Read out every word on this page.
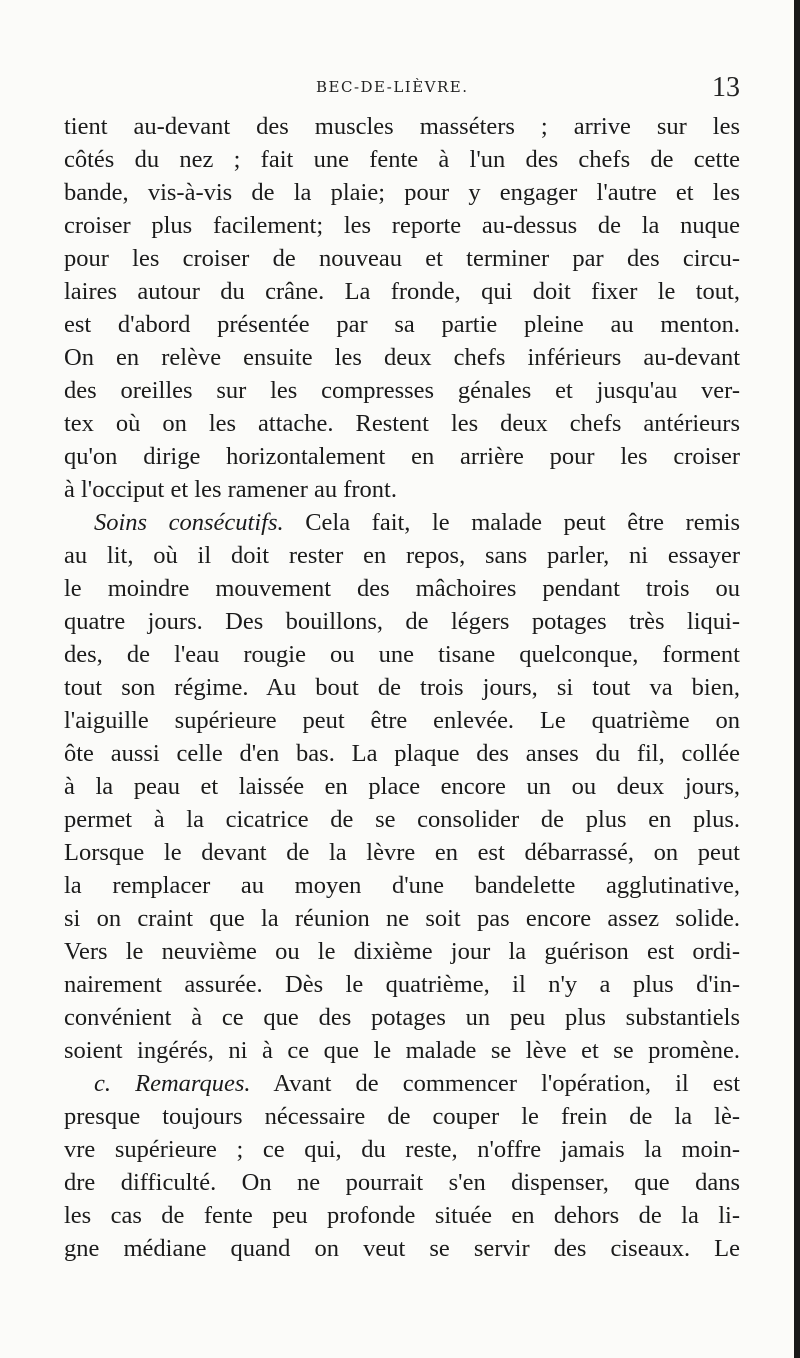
BEC-DE-LIÈVRE.	13
tient au-devant des muscles masséters ; arrive sur les
côtés du nez ; fait une fente à l'un des chefs de cette
bande, vis-à-vis de la plaie; pour y engager l'autre et les
croiser plus facilement; les reporte au-dessus de la nuque
pour les croiser de nouveau et terminer par des circu-
laires autour du crâne. La fronde, qui doit fixer le tout,
est d'abord présentée par sa partie pleine au menton.
On en relève ensuite les deux chefs inférieurs au-devant
des oreilles sur les compresses génales et jusqu'au ver-
tex où on les attache. Restent les deux chefs antérieurs
qu'on dirige horizontalement en arrière pour les croiser
à l'occiput et les ramener au front.
Soins consécutifs. Cela fait, le malade peut être remis
au lit, où il doit rester en repos, sans parler, ni essayer
le moindre mouvement des mâchoires pendant trois ou
quatre jours. Des bouillons, de légers potages très liqui-
des, de l'eau rougie ou une tisane quelconque, forment
tout son régime. Au bout de trois jours, si tout va bien,
l'aiguille supérieure peut être enlevée. Le quatrième on
ôte aussi celle d'en bas. La plaque des anses du fil, collée
à la peau et laissée en place encore un ou deux jours,
permet à la cicatrice de se consolider de plus en plus.
Lorsque le devant de la lèvre en est débarrassé, on peut
la remplacer au moyen d'une bandelette agglutinative,
si on craint que la réunion ne soit pas encore assez solide.
Vers le neuvième ou le dixième jour la guérison est ordi-
nairement assurée. Dès le quatrième, il n'y a plus d'in-
convénient à ce que des potages un peu plus substantiels
soient ingérés, ni à ce que le malade se lève et se promène.
c. Remarques. Avant de commencer l'opération, il est
presque toujours nécessaire de couper le frein de la lè-
vre supérieure ; ce qui, du reste, n'offre jamais la moin-
dre difficulté. On ne pourrait s'en dispenser, que dans
les cas de fente peu profonde située en dehors de la li-
gne médiane quand on veut se servir des ciseaux. Le
